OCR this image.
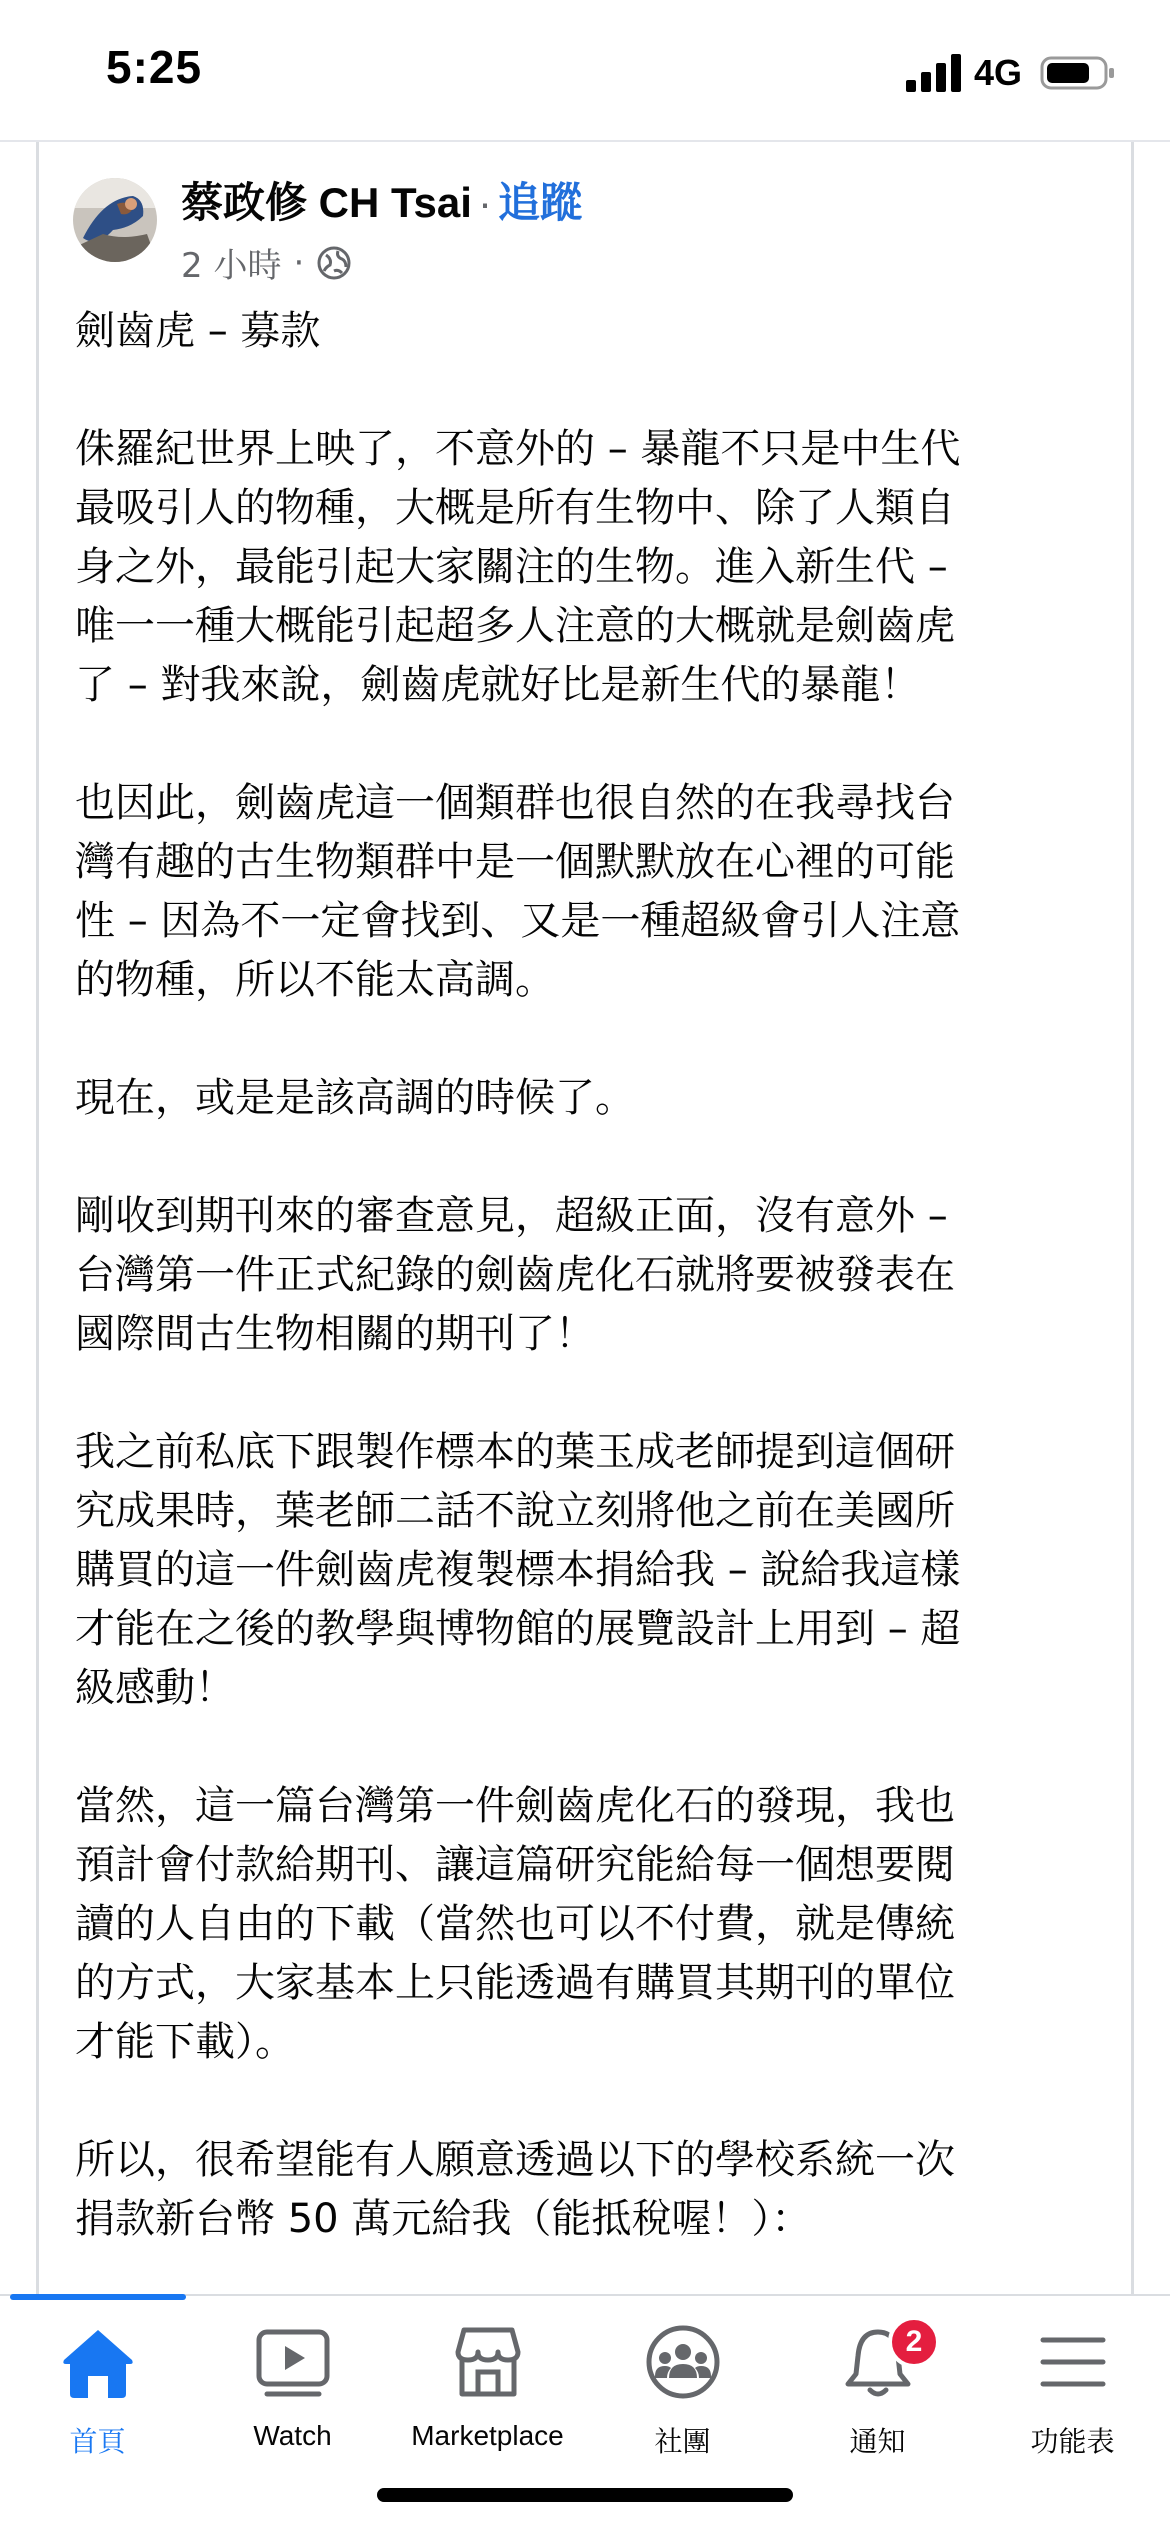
5:25	4G
蔡政修 CH Tsai · 追蹤
2 小時 ·

劍齒虎 – 募款

侏羅紀世界上映了，不意外的 – 暴龍不只是中生代
最吸引人的物種，大概是所有生物中、除了人類自
身之外，最能引起大家關注的生物。進入新生代 –
唯一一種大概能引起超多人注意的大概就是劍齒虎
了 – 對我來說，劍齒虎就好比是新生代的暴龍！

也因此，劍齒虎這一個類群也很自然的在我尋找台
灣有趣的古生物類群中是一個默默放在心裡的可能
性 – 因為不一定會找到、又是一種超級會引人注意
的物種，所以不能太高調。

現在，或是是該高調的時候了。

剛收到期刊來的審查意見，超級正面，沒有意外 –
台灣第一件正式紀錄的劍齒虎化石就將要被發表在
國際間古生物相關的期刊了！

我之前私底下跟製作標本的葉玉成老師提到這個研
究成果時，葉老師二話不說立刻將他之前在美國所
購買的這一件劍齒虎複製標本捐給我 – 說給我這樣
才能在之後的教學與博物館的展覽設計上用到 – 超
級感動！

當然，這一篇台灣第一件劍齒虎化石的發現，我也
預計會付款給期刊、讓這篇研究能給每一個想要閱
讀的人自由的下載（當然也可以不付費，就是傳統
的方式，大家基本上只能透過有購買其期刊的單位
才能下載）。

所以，很希望能有人願意透過以下的學校系統一次
捐款新台幣 50 萬元給我（能抵稅喔！）：

首頁	Watch	Marketplace	社團
2
通知	功能表
